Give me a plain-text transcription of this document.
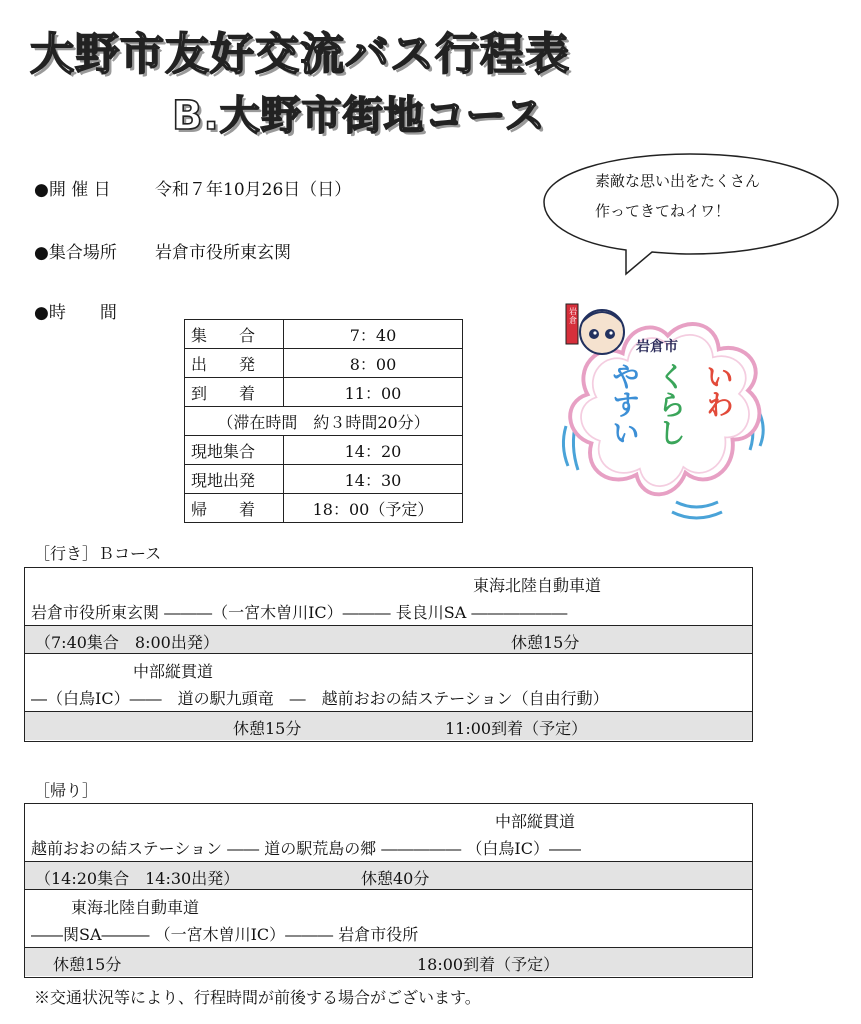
大野市友好交流バス行程表
B.大野市街地コース
●開 催 日	令和７年10月26日（日）
●集合場所 岩倉市役所東玄関
●時　　間
素敵な思い出をたくさん
作ってきてねイワ！
岩倉
岩倉市
いわ
くらし
やすい
集　　合	7：40
出　　発	8：00
到　　着	11：00
（滞在時間　約３時間20分）	
現地集合	14：20
現地出発	14：30
帰　　着	18：00（予定）
［行き］Ｂコース
東海北陸自動車道
岩倉市役所東玄関 ―――（一宮木曽川IC）――― 長良川SA ――――――
（7:40集合　8:00出発）	休憩15分
中部縦貫道
―（白鳥IC）――　道の駅九頭竜　―　越前おおの結ステーション（自由行動）
休憩15分	11:00到着（予定）
［帰り］
中部縦貫道
越前おおの結ステーション ―― 道の駅荒島の郷 ――――― （白鳥IC）――
（14:20集合　14:30出発）	休憩40分
東海北陸自動車道
――関SA――― （一宮木曽川IC）――― 岩倉市役所
休憩15分	18:00到着（予定）
※交通状況等により、行程時間が前後する場合がございます。
